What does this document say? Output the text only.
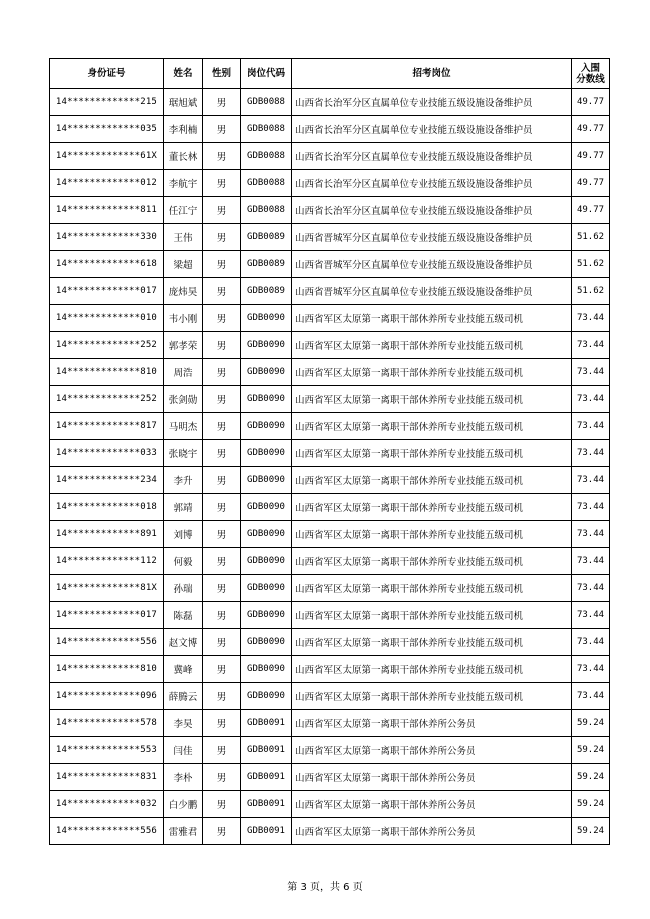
身份证号	姓名	性别	岗位代码	招考岗位	入围
分数线

14*************215	琚旭斌	男	GDB0088	山西省长治军分区直属单位专业技能五级设施设备维护员	49.77
14*************035	李利楠	男	GDB0088	山西省长治军分区直属单位专业技能五级设施设备维护员	49.77
14*************61X	董长林	男	GDB0088	山西省长治军分区直属单位专业技能五级设施设备维护员	49.77
14*************012	李航宇	男	GDB0088	山西省长治军分区直属单位专业技能五级设施设备维护员	49.77
14*************811	任江宁	男	GDB0088	山西省长治军分区直属单位专业技能五级设施设备维护员	49.77
14*************330	王伟	男	GDB0089	山西省晋城军分区直属单位专业技能五级设施设备维护员	51.62
14*************618	梁超	男	GDB0089	山西省晋城军分区直属单位专业技能五级设施设备维护员	51.62
14*************017	庞炜昊	男	GDB0089	山西省晋城军分区直属单位专业技能五级设施设备维护员	51.62
14*************010	韦小刚	男	GDB0090	山西省军区太原第一离职干部休养所专业技能五级司机	73.44
14*************252	郭孝荣	男	GDB0090	山西省军区太原第一离职干部休养所专业技能五级司机	73.44
14*************810	周浩	男	GDB0090	山西省军区太原第一离职干部休养所专业技能五级司机	73.44
14*************252	张剑勋	男	GDB0090	山西省军区太原第一离职干部休养所专业技能五级司机	73.44
14*************817	马明杰	男	GDB0090	山西省军区太原第一离职干部休养所专业技能五级司机	73.44
14*************033	张晓宇	男	GDB0090	山西省军区太原第一离职干部休养所专业技能五级司机	73.44
14*************234	李升	男	GDB0090	山西省军区太原第一离职干部休养所专业技能五级司机	73.44
14*************018	郭靖	男	GDB0090	山西省军区太原第一离职干部休养所专业技能五级司机	73.44
14*************891	刘博	男	GDB0090	山西省军区太原第一离职干部休养所专业技能五级司机	73.44
14*************112	何毅	男	GDB0090	山西省军区太原第一离职干部休养所专业技能五级司机	73.44
14*************81X	孙瑞	男	GDB0090	山西省军区太原第一离职干部休养所专业技能五级司机	73.44
14*************017	陈磊	男	GDB0090	山西省军区太原第一离职干部休养所专业技能五级司机	73.44
14*************556	赵文博	男	GDB0090	山西省军区太原第一离职干部休养所专业技能五级司机	73.44
14*************810	冀峰	男	GDB0090	山西省军区太原第一离职干部休养所专业技能五级司机	73.44
14*************096	薛腾云	男	GDB0090	山西省军区太原第一离职干部休养所专业技能五级司机	73.44
14*************578	李昊	男	GDB0091	山西省军区太原第一离职干部休养所公务员	59.24
14*************553	闫佳	男	GDB0091	山西省军区太原第一离职干部休养所公务员	59.24
14*************831	李朴	男	GDB0091	山西省军区太原第一离职干部休养所公务员	59.24
14*************032	白少鹏	男	GDB0091	山西省军区太原第一离职干部休养所公务员	59.24
14*************556	雷雅君	男	GDB0091	山西省军区太原第一离职干部休养所公务员	59.24
第 3 页，共 6 页
